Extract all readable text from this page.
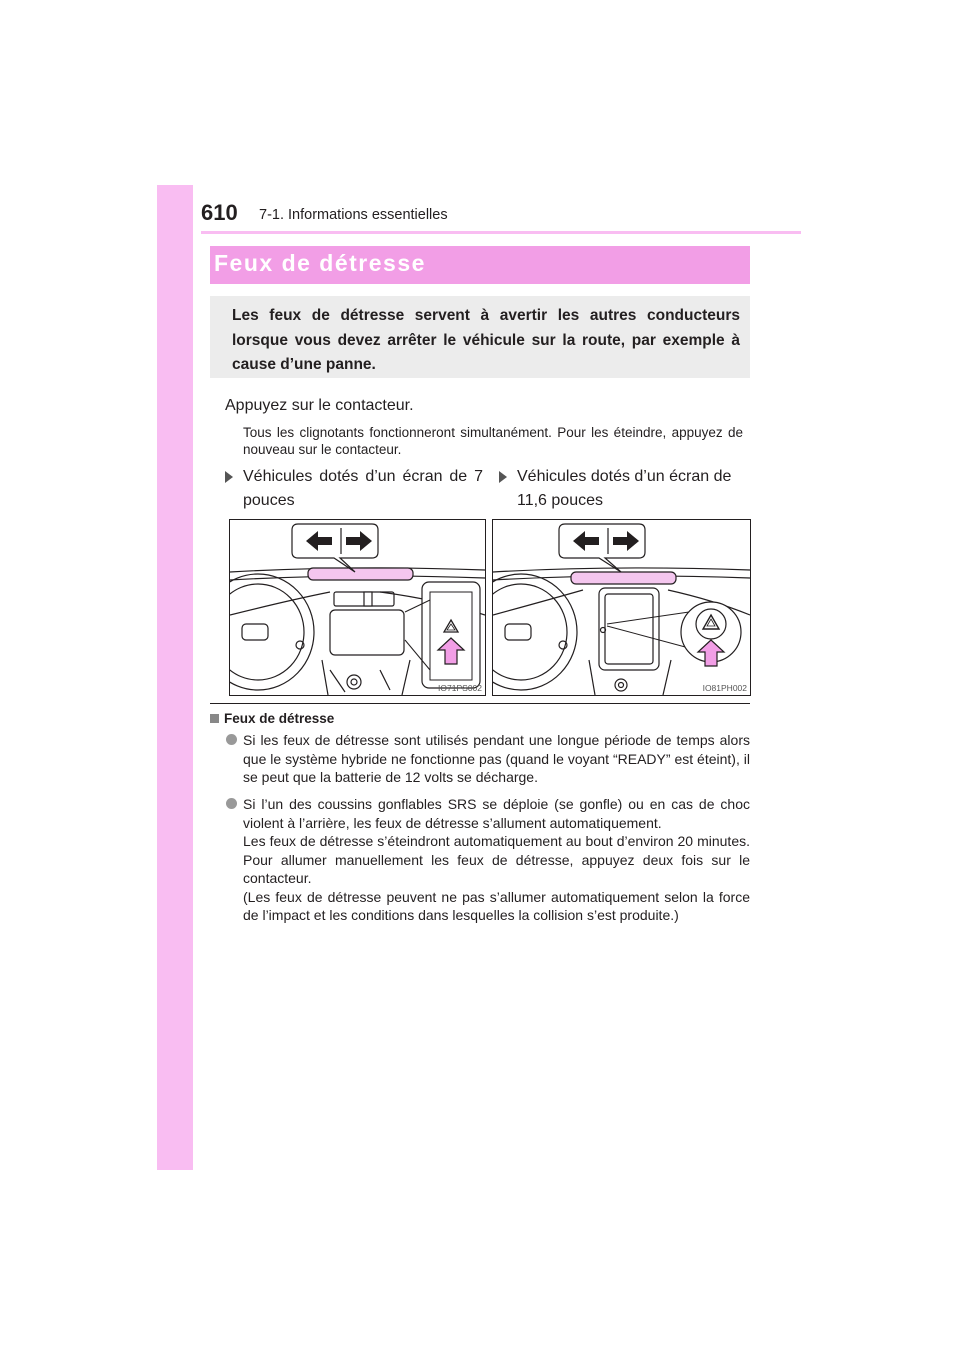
610 7-1. Informations essentielles
Feux de détresse
Les feux de détresse servent à avertir les autres conducteurs lorsque vous devez arrêter le véhicule sur la route, par exemple à cause d’une panne.
Appuyez sur le contacteur.
Tous les clignotants fonctionneront simultanément. Pour les éteindre, appuyez de nouveau sur le contacteur.
Véhicules dotés d’un écran de 7 pouces
Véhicules dotés d’un écran de 11,6 pouces
IO71PS002	IO81PH002
Feux de détresse
Si les feux de détresse sont utilisés pendant une longue période de temps alors que le système hybride ne fonctionne pas (quand le voyant “READY” est éteint), il se peut que la batterie de 12 volts se décharge.
Si l’un des coussins gonflables SRS se déploie (se gonfle) ou en cas de choc violent à l’arrière, les feux de détresse s’allument automatiquement.
Les feux de détresse s’éteindront automatiquement au bout d’environ 20 minutes. Pour allumer manuellement les feux de détresse, appuyez deux fois sur le contacteur.
(Les feux de détresse peuvent ne pas s’allumer automatiquement selon la force de l’impact et les conditions dans lesquelles la collision s’est produite.)
